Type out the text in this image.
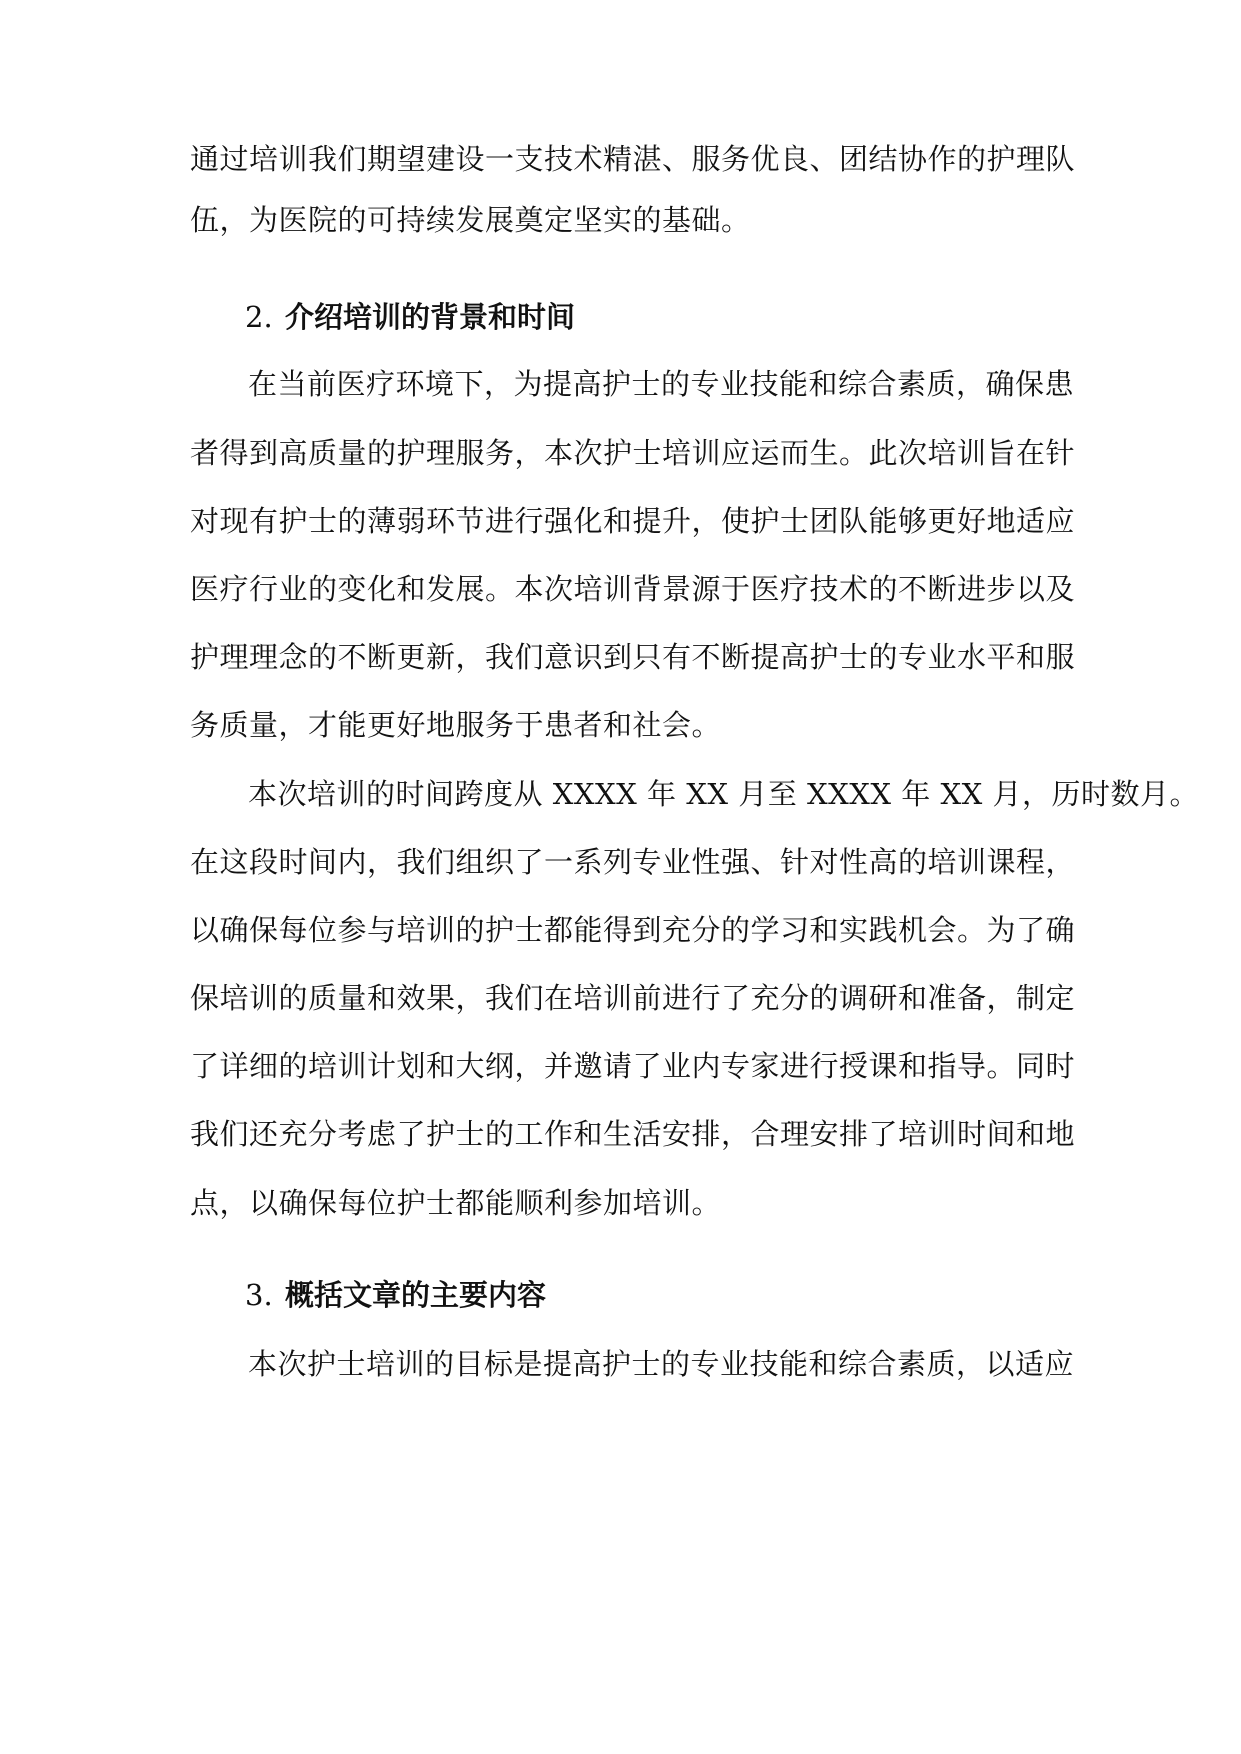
通过培训我们期望建设一支技术精湛、服务优良、团结协作的护理队
伍，为医院的可持续发展奠定坚实的基础。
2. 介绍培训的背景和时间
在当前医疗环境下，为提高护士的专业技能和综合素质，确保患
者得到高质量的护理服务，本次护士培训应运而生。此次培训旨在针
对现有护士的薄弱环节进行强化和提升，使护士团队能够更好地适应
医疗行业的变化和发展。本次培训背景源于医疗技术的不断进步以及
护理理念的不断更新，我们意识到只有不断提高护士的专业水平和服
务质量，才能更好地服务于患者和社会。
本次培训的时间跨度从 XXXX 年 XX 月至 XXXX 年 XX 月，历时数月。
在这段时间内，我们组织了一系列专业性强、针对性高的培训课程，
以确保每位参与培训的护士都能得到充分的学习和实践机会。为了确
保培训的质量和效果，我们在培训前进行了充分的调研和准备，制定
了详细的培训计划和大纲，并邀请了业内专家进行授课和指导。同时
我们还充分考虑了护士的工作和生活安排，合理安排了培训时间和地
点，以确保每位护士都能顺利参加培训。
3. 概括文章的主要内容
本次护士培训的目标是提高护士的专业技能和综合素质，以适应
